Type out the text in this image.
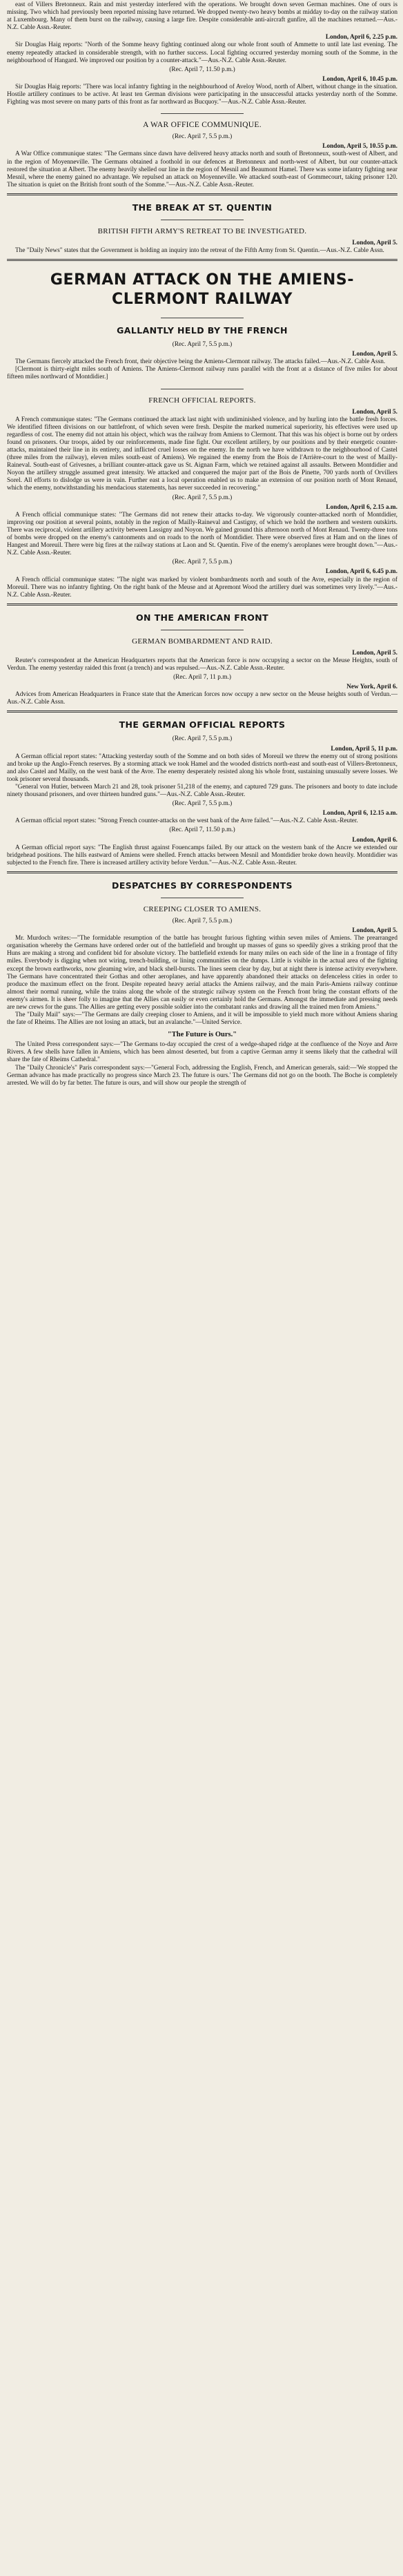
east of Villers Bretonneux. Rain and mist yesterday interfered with the operations. We brought down seven German machines. One of ours is missing. Two which had previously been reported missing have returned. We dropped twenty-two heavy bombs at midday to-day on the railway station at Luxembourg. Many of them burst on the railway, causing a large fire. Despite considerable anti-aircraft gunfire, all the machines returned.—Aus.-N.Z. Cable Assn.-Reuter.

London, April 6, 2.25 p.m.

Sir Douglas Haig reports: "North of the Somme heavy fighting continued along our whole front south of Ammette to until late last evening. The enemy repeatedly attacked in considerable strength, with no further success. Local fighting occurred yesterday morning south of the Somme, in the neighbourhood of Hangard. We improved our position by a counter-attack."—Aus.-N.Z. Cable Assn.-Reuter.

(Rec. April 7, 11.50 p.m.)
London, April 6, 10.45 p.m.

Sir Douglas Haig reports: "There was local infantry fighting in the neighbourhood of Aveloy Wood, north of Albert, without change in the situation. Hostile artillery continues to be active. At least ten German divisions were participating in the unsuccessful attacks yesterday north of the Somme. Fighting was most severe on many parts of this front as far northward as Bucquoy."—Aus.-N.Z. Cable Assn.-Reuter.

A WAR OFFICE COMMUNIQUE.
(Rec. April 7, 5.5 p.m.)
London, April 5, 10.55 p.m.

A War Office communique states: "The Germans since dawn have delivered heavy attacks north and south of Bretonneux, south-west of Albert, and in the region of Moyenneville. The Germans obtained a foothold in our defences at Bretonneux and north-west of Albert, but our counter-attack restored the situation at Albert. The enemy heavily shelled our line in the region of Mesnil and Beaumont Hamel. There was some infantry fighting near Mesnil, where the enemy gained no advantage. We repulsed an attack on Moyenneville. We attacked south-east of Gommecourt, taking prisoner 120. The situation is quiet on the British front south of the Somme."—Aus.-N.Z. Cable Assn.-Reuter.

THE BREAK AT ST. QUENTIN
BRITISH FIFTH ARMY'S RETREAT TO BE INVESTIGATED.
London, April 5.

The "Daily News" states that the Government is holding an inquiry into the retreat of the Fifth Army from St. Quentin.—Aus.-N.Z. Cable Assn.

GERMAN ATTACK ON THE AMIENS-CLERMONT RAILWAY
GALLANTLY HELD BY THE FRENCH
(Rec. April 7, 5.5 p.m.)
London, April 5.

The Germans fiercely attacked the French front, their objective being the Amiens-Clermont railway. The attacks failed.—Aus.-N.Z. Cable Assn.

[Clermont is thirty-eight miles south of Amiens. The Amiens-Clermont railway runs parallel with the front at a distance of five miles for about fifteen miles northward of Montdidier.]

FRENCH OFFICIAL REPORTS.
London, April 5.

A French communique states: "The Germans continued the attack last night with undiminished violence, and by hurling into the battle fresh forces. We identified fifteen divisions on our battlefront, of which seven were fresh. Despite the marked numerical superiority, his effectives were used up regardless of cost. The enemy did not attain his object, which was the railway from Amiens to Clermont. That this was his object is borne out by orders found on prisoners. Our troops, aided by our reinforcements, made fine fight. Our excellent artillery, by our positions and by their energetic counter-attacks, maintained their line in its entirety, and inflicted cruel losses on the enemy. In the north we have withdrawn to the neighbourhood of Castel (three miles from the railway), eleven miles south-east of Amiens). We regained the enemy from the Bois de l'Arrière-court to the west of Mailly-Raineval. South-east of Grivesnes, a brilliant counter-attack gave us St. Aignan Farm, which we retained against all assaults. Between Montdidier and Noyon the artillery struggle assumed great intensity. We attacked and conquered the major part of the Bois de Pinette, 700 yards north of Orvillers Sorel. All efforts to dislodge us were in vain. Further east a local operation enabled us to make an extension of our position north of Mont Renaud, which the enemy, notwithstanding his mendacious statements, has never succeeded in recovering."

(Rec. April 7, 5.5 p.m.)
London, April 6, 2.15 a.m.

A French official communique states: "The Germans did not renew their attacks to-day. We vigorously counter-attacked north of Montdidier, improving our position at several points, notably in the region of Mailly-Raineval and Castigny, of which we hold the northern and western outskirts. There was reciprocal, violent artillery activity between Lassigny and Noyon. We gained ground this afternoon north of Mont Renaud. Twenty-three tons of bombs were dropped on the enemy's cantonments and on roads to the north of Montdidier. There were observed fires at Ham and on the lines of Hangest and Moreuil. There were big fires at the railway stations at Laon and St. Quentin. Five of the enemy's aeroplanes were brought down."—Aus.-N.Z. Cable Assn.-Reuter.

(Rec. April 7, 5.5 p.m.)
London, April 6, 6.45 p.m.

A French official communique states: "The night was marked by violent bombardments north and south of the Avre, especially in the region of Moreuil. There was no infantry fighting. On the right bank of the Meuse and at Apremont Wood the artillery duel was sometimes very lively."—Aus.-N.Z. Cable Assn.-Reuter.

ON THE AMERICAN FRONT
GERMAN BOMBARDMENT AND RAID.
London, April 5.

Reuter's correspondent at the American Headquarters reports that the American force is now occupying a sector on the Meuse Heights, south of Verdun. The enemy yesterday raided this front (a trench) and was repulsed.—Aus.-N.Z. Cable Assn.-Reuter.

(Rec. April 7, 11 p.m.)
New York, April 6.

Advices from American Headquarters in France state that the American forces now occupy a new sector on the Meuse heights south of Verdun.—Aus.-N.Z. Cable Assn.

THE GERMAN OFFICIAL REPORTS
(Rec. April 7, 5.5 p.m.)
London, April 5, 11 p.m.

A German official report states: "Attacking yesterday south of the Somme and on both sides of Moreuil we threw the enemy out of strong positions and broke up the Anglo-French reserves. By a storming attack we took Hamel and the wooded districts north-east and south-east of Villers-Bretonneux, and also Castel and Mailly, on the west bank of the Avre. The enemy desperately resisted along his whole front, sustaining unusually severe losses. We took prisoner several thousands.

"General von Hutier, between March 21 and 28, took prisoner 51,218 of the enemy, and captured 729 guns. The prisoners and booty to date include ninety thousand prisoners, and over thirteen hundred guns."—Aus.-N.Z. Cable Assn.-Reuter.

(Rec. April 7, 5.5 p.m.)
London, April 6, 12.15 a.m.

A German official report states: "Strong French counter-attacks on the west bank of the Avre failed."—Aus.-N.Z. Cable Assn.-Reuter.

(Rec. April 7, 11.50 p.m.)
London, April 6.

A German official report says: "The English thrust against Fouencamps failed. By our attack on the western bank of the Ancre we extended our bridgehead positions. The hills eastward of Amiens were shelled. French attacks between Mesnil and Montdidier broke down heavily. Montdidier was subjected to the French fire. There is increased artillery activity before Verdun."—Aus.-N.Z. Cable Assn.-Reuter.

DESPATCHES BY CORRESPONDENTS
CREEPING CLOSER TO AMIENS.
(Rec. April 7, 5.5 p.m.)
London, April 5.

Mr. Murdoch writes:—"The formidable resumption of the battle has brought furious fighting within seven miles of Amiens. The prearranged organisation whereby the Germans have ordered order out of the battlefield and brought up masses of guns so speedily gives a striking proof that the Huns are making a strong and confident bid for absolute victory. The battlefield extends for many miles on each side of the line in a frontage of fifty miles. Everybody is digging when not wiring, trench-building, or lining communities on the dumps. Little is visible in the actual area of the fighting except the brown earthworks, now gleaming wire, and black shell-bursts. The lines seem clear by day, but at night there is intense activity everywhere. The Germans have concentrated their Gothas and other aeroplanes, and have apparently abandoned their attacks on defenceless cities in order to produce the maximum effect on the front. Despite repeated heavy aerial attacks the Amiens railway, and the main Paris-Amiens railway continue almost their normal running, while the trains along the whole of the strategic railway system on the French front bring the constant efforts of the enemy's airmen. It is sheer folly to imagine that the Allies can easily or even certainly hold the Germans. Amongst the immediate and pressing needs are new crews for the guns. The Allies are getting every possible soldier into the combatant ranks and drawing all the trained men from Amiens."

The "Daily Mail" says:—"The Germans are daily creeping closer to Amiens, and it will be impossible to yield much more without Amiens sharing the fate of Rheims. The Allies are not losing an attack, but an avalanche."—United Service.

"The Future is Ours."

The United Press correspondent says:—"The Germans to-day occupied the crest of a wedge-shaped ridge at the confluence of the Noye and Avre Rivers. A few shells have fallen in Amiens, which has been almost deserted, but from a captive German army it seems likely that the cathedral will share the fate of Rheims Cathedral."

The "Daily Chronicle's" Paris correspondent says:—"General Foch, addressing the English, French, and American generals, said:—'We stopped the German advance has made practically no progress since March 23. The future is ours.' The Germans did not go on the booth. The Boche is completely arrested. We will do by far better. The future is ours, and will show our people the strength of
